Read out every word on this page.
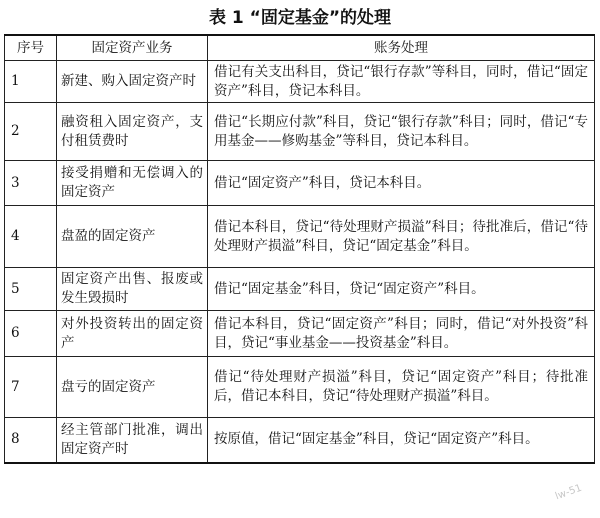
表 1 “固定基金”的处理
序号	固定资产业务	账务处理
1	新建、购入固定资产时	借记有关支出科目，贷记“银行存款”等科目，同时，借记“固定资产”科目，贷记本科目。
2	融资租入固定资产，支付租赁费时	借记“长期应付款”科目，贷记“银行存款”科目；同时，借记“专用基金——修购基金”等科目，贷记本科目。
3	接受捐赠和无偿调入的固定资产	借记“固定资产”科目，贷记本科目。
4	盘盈的固定资产	借记本科目，贷记“待处理财产损溢”科目；待批准后，借记“待处理财产损溢”科目，贷记“固定基金”科目。
5	固定资产出售、报废或发生毁损时	借记“固定基金”科目，贷记“固定资产”科目。
6	对外投资转出的固定资产	借记本科目，贷记“固定资产”科目；同时，借记“对外投资”科目，贷记“事业基金——投资基金”科目。
7	盘亏的固定资产	借记“待处理财产损溢”科目，贷记“固定资产”科目；待批准后，借记本科目，贷记“待处理财产损溢”科目。
8	经主管部门批准，调出固定资产时	按原值，借记“固定基金”科目，贷记“固定资产”科目。
lw-51
